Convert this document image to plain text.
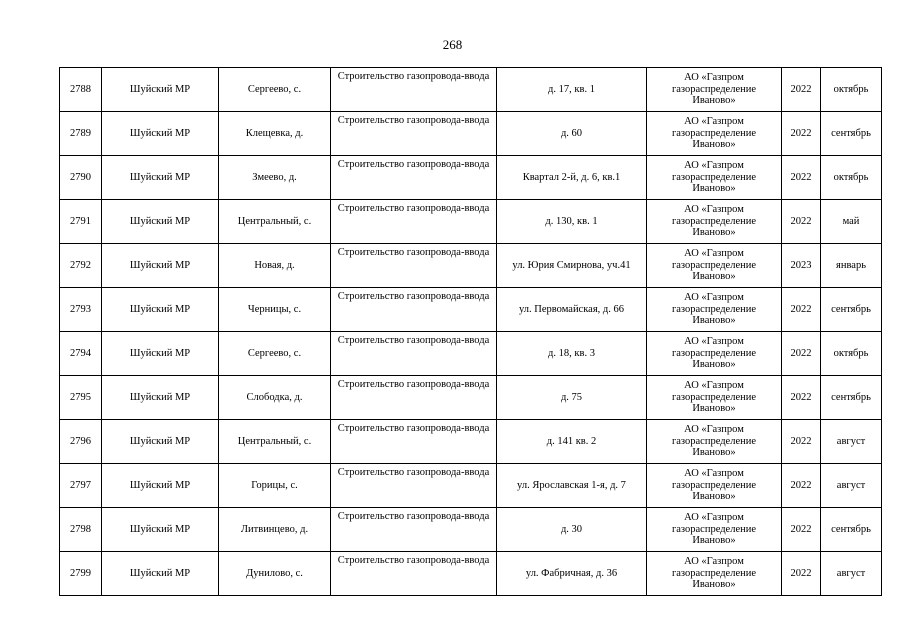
268
2788	Шуйский МР	Сергеево, с.	Строительство газопровода-ввода	д. 17, кв. 1	АО «Газпром
газораспределение
Иваново»	2022	октябрь
2789	Шуйский МР	Клещевка, д.	Строительство газопровода-ввода	д. 60	АО «Газпром
газораспределение
Иваново»	2022	сентябрь
2790	Шуйский МР	Змеево, д.	Строительство газопровода-ввода	Квартал 2-й, д. 6, кв.1	АО «Газпром
газораспределение
Иваново»	2022	октябрь
2791	Шуйский МР	Центральный, с.	Строительство газопровода-ввода	д. 130, кв. 1	АО «Газпром
газораспределение
Иваново»	2022	май
2792	Шуйский МР	Новая, д.	Строительство газопровода-ввода	ул. Юрия Смирнова, уч.41	АО «Газпром
газораспределение
Иваново»	2023	январь
2793	Шуйский МР	Черницы, с.	Строительство газопровода-ввода	ул. Первомайская, д. 66	АО «Газпром
газораспределение
Иваново»	2022	сентябрь
2794	Шуйский МР	Сергеево, с.	Строительство газопровода-ввода	д. 18, кв. 3	АО «Газпром
газораспределение
Иваново»	2022	октябрь
2795	Шуйский МР	Слободка, д.	Строительство газопровода-ввода	д. 75	АО «Газпром
газораспределение
Иваново»	2022	сентябрь
2796	Шуйский МР	Центральный, с.	Строительство газопровода-ввода	д. 141 кв. 2	АО «Газпром
газораспределение
Иваново»	2022	август
2797	Шуйский МР	Горицы, с.	Строительство газопровода-ввода	ул. Ярославская 1-я, д. 7	АО «Газпром
газораспределение
Иваново»	2022	август
2798	Шуйский МР	Литвинцево, д.	Строительство газопровода-ввода	д. 30	АО «Газпром
газораспределение
Иваново»	2022	сентябрь
2799	Шуйский МР	Дунилово, с.	Строительство газопровода-ввода	ул. Фабричная, д. 36	АО «Газпром
газораспределение
Иваново»	2022	август
